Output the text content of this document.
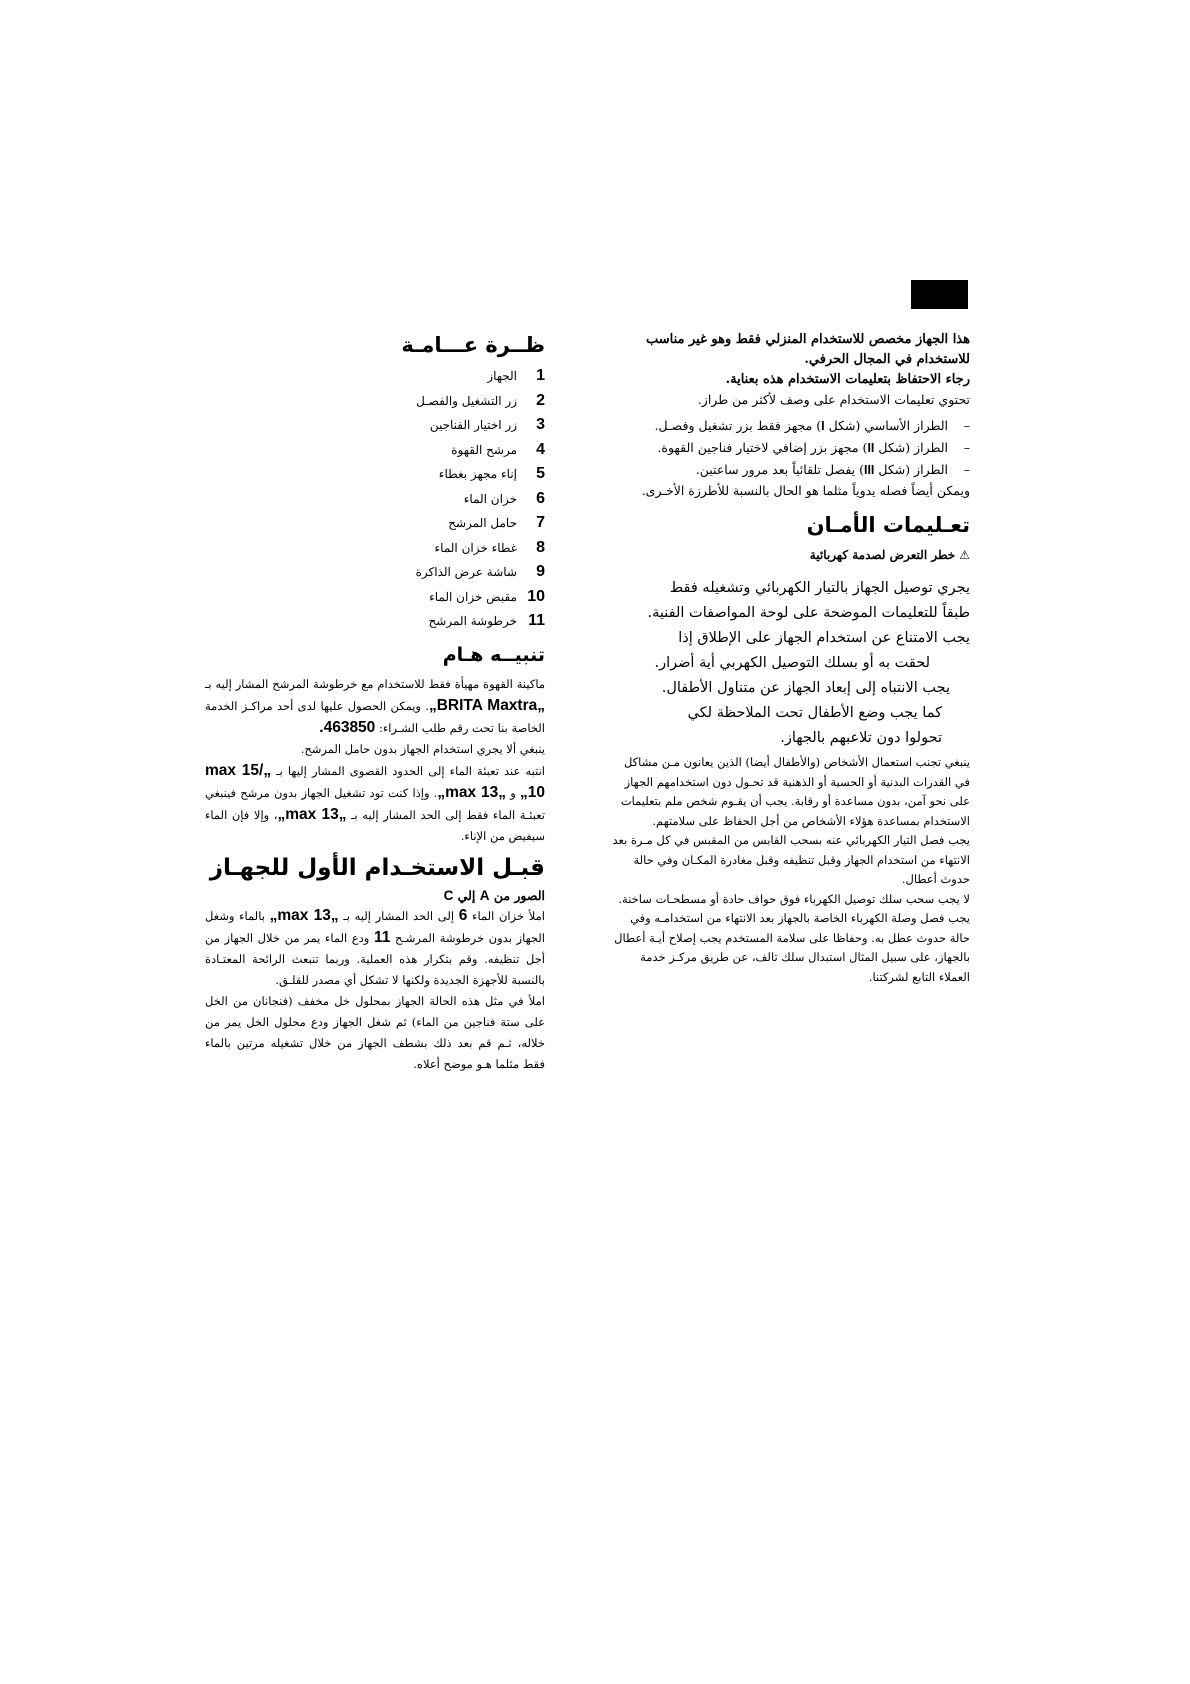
هذا الجهاز مخصص للاستخدام المنزلي فقط وهو غير مناسب للاستخدام في المجال الحرفي.

رجاء الاحتفاظ بتعليمات الاستخدام هذه بعناية.

تحتوي تعليمات الاستخدام على وصف لأكثر من طراز.

–
الطراز الأساسي (شكل I) مجهز فقط بزر تشغيل وفصـل.
–
الطراز (شكل II) مجهز بزر إضافي لاختيار فناجين القهوة.
–
الطراز (شكل III) يفصل تلقائياً بعد مرور ساعتين.

ويمكن أيضاً فصله يدوياً مثلما هو الحال بالنسبة للأطرزة الأخـرى.

تعـليمات الأمـان

⚠خطر التعرض لصدمة كهربائية

يجري توصيل الجهاز بالتيار الكهربائي وتشغيله فقط

طبقاً للتعليمات الموضحة على لوحة المواصفات الفنية.

يجب الامتناع عن استخدام الجهاز على الإطلاق إذا

لحقت به أو بسلك التوصيل الكهربي أية أضرار.

يجب الانتباه إلى إبعاد الجهاز عن متناول الأطفال.

كما يجب وضع الأطفال تحت الملاحظة لكي

تحولوا دون تلاعبهم بالجهاز.

ينبغي تجنب استعمال الأشخاص (والأطفال أيضا) الذين يعانون مـن مشاكل في القدرات البدنية أو الحسية أو الذهنية قد تحـول دون استخدامهم الجهاز على نحو آمن، بدون مساعدة أو رقابة. يجب أن يقـوم شخص ملم بتعليمات الاستخدام بمساعدة هؤلاء الأشخاص من أجل الحفاظ على سلامتهم.

يجب فصل التيار الكهربائي عنه بسحب القابس من المقبس في كل مـرة بعد الانتهاء من استخدام الجهاز وقبل تنظيفه وقبل مغادرة المكـان وفي حالة حدوث أعطال.

لا يجب سحب سلك توصيل الكهرباء فوق حواف حادة أو مسطحـات ساخنة.

يجب فصل وصلة الكهرباء الخاصة بالجهاز بعد الانتهاء من استخدامـه وفي حالة حدوث عطل به. وحفاظا على سلامة المستخدم يجب إصلاح أيـة أعطال بالجهاز، على سبيل المثال استبدال سلك تالف، عن طريق مركـز خدمة العملاء التابع لشركتنا.

ظــرة عـــامـة
1
الجهاز
2
زر التشغيل والفصـل
3
زر اختيار الفناجين
4
مرشح القهوة
5
إناء مجهز بغطاء
6
خزان الماء
7
حامل المرشح
8
غطاء خزان الماء
9
شاشة عرض الذاكرة
10
مقبض خزان الماء
11
خرطوشة المرشح
تنبيــه هـام

ماكينة القهوة مهيأة فقط للاستخدام مع خرطوشة المرشح المشار إليه بـ „BRITA Maxtra„. ويمكن الحصول عليها لدى أحد مراكـز الخدمة الخاصة بنا تحت رقم طلب الشـراء: 463850.

ينبغي ألا يجري استخدام الجهاز بدون حامل المرشح.

انتبه عند تعبئة الماء إلى الحدود القصوى المشار إليها بـ „max 15/ 10„ و „max 13„. وإذا كنت تود تشغيل الجهاز بدون مرشح فينبغي تعبئـة الماء فقط إلى الحد المشار إليه بـ „max 13„، وإلا فإن الماء سيفيض من الإناء.

قبـل الاستخـدام الأول للجهـاز

الصور من A إلي C

املأ خزان الماء 6 إلى الحد المشار إليه بـ „max 13„ بالماء وشغل الجهاز بدون خرطوشة المرشـح 11 ودع الماء يمر من خلال الجهاز من أجل تنظيفه. وقم بتكرار هذه العملية. وربما تنبعث الرائحة المعتـادة بالنسبة للأجهزة الجديدة ولكنها لا تشكل أي مصدر للقلـق.

املأ في مثل هذه الحالة الجهاز بمحلول خل مخفف (فنجانان من الخل على ستة فناجين من الماء) ثم شغل الجهاز ودع محلول الخل يمر من خلاله، ثـم قم بعد ذلك بشطف الجهاز من خلال تشغيله مرتين بالماء فقط مثلما هـو موضح أعلاه.
